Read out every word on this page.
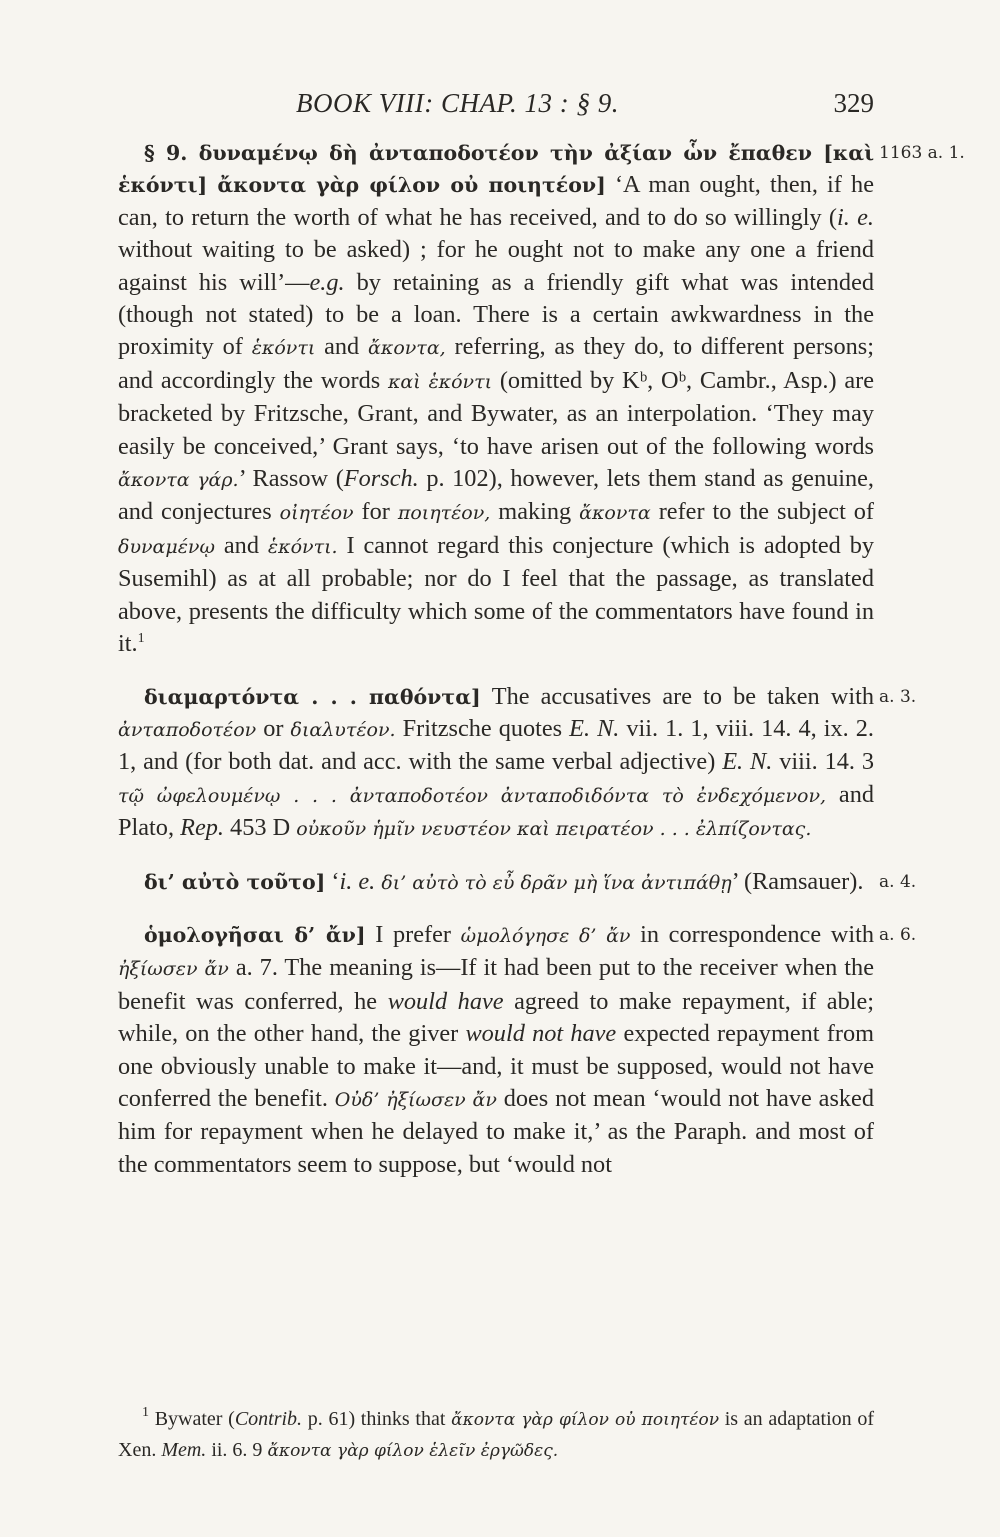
BOOK VIII: CHAP. 13 : § 9.	329

1163 a. 1.
§ 9. δυναμένῳ δὴ ἀνταποδοτέον τὴν ἀξίαν ὧν ἔπαθεν [καὶ ἑκόντι] ἄκοντα γὰρ φίλον οὐ ποιητέον] ‘A man ought, then, if he can, to return the worth of what he has received, and to do so willingly (i. e. without waiting to be asked) ; for he ought not to make any one a friend against his will’—e.g. by retaining as a friendly gift what was intended (though not stated) to be a loan. There is a certain awkwardness in the proximity of ἑκόντι and ἄκοντα, referring, as they do, to different persons; and accordingly the words καὶ ἑκόντι (omitted by Kᵇ, Oᵇ, Cambr., Asp.) are bracketed by Fritzsche, Grant, and Bywater, as an interpolation. ‘They may easily be conceived,’ Grant says, ‘to have arisen out of the following words ἄκοντα γάρ.’ Rassow (Forsch. p. 102), however, lets them stand as genuine, and conjectures οἰητέον for ποιητέον, making ἄκοντα refer to the subject of δυναμένῳ and ἑκόντι. I cannot regard this conjecture (which is adopted by Susemihl) as at all probable; nor do I feel that the passage, as translated above, presents the difficulty which some of the commentators have found in it.$^1$

a. 3.
διαμαρτόντα . . . παθόντα] The accusatives are to be taken with ἀνταποδοτέον or διαλυτέον. Fritzsche quotes E. N. vii. 1. 1, viii. 14. 4, ix. 2. 1, and (for both dat. and acc. with the same verbal adjective) E. N. viii. 14. 3 τῷ ὠφελουμένῳ . . . ἀνταποδοτέον ἀνταποδιδόντα τὸ ἐνδεχόμενον, and Plato, Rep. 453 D οὐκοῦν ἡμῖν νευστέον καὶ πειρατέον . . . ἐλπίζοντας.

a. 4.
δι’ αὐτὸ τοῦτο] ‘i. e. δι’ αὐτὸ τὸ εὖ δρᾶν μὴ ἵνα ἀντιπάθῃ’ (Ramsauer).

a. 6.
ὁμολογῆσαι δ’ ἄν] I prefer ὡμολόγησε δ’ ἄν in correspondence with ἠξίωσεν ἄν a. 7. The meaning is—If it had been put to the receiver when the benefit was conferred, he would have agreed to make repayment, if able; while, on the other hand, the giver would not have expected repayment from one obviously unable to make it—and, it must be supposed, would not have conferred the benefit. Οὐδ’ ἠξίωσεν ἄν does not mean ‘would not have asked him for repayment when he delayed to make it,’ as the Paraph. and most of the commentators seem to suppose, but ‘would not

$^1$ Bywater (Contrib. p. 61) thinks that ἄκοντα γὰρ φίλον οὐ ποιητέον is an adaptation of Xen. Mem. ii. 6. 9 ἄκοντα γὰρ φίλον ἑλεῖν ἐργῶδες.
